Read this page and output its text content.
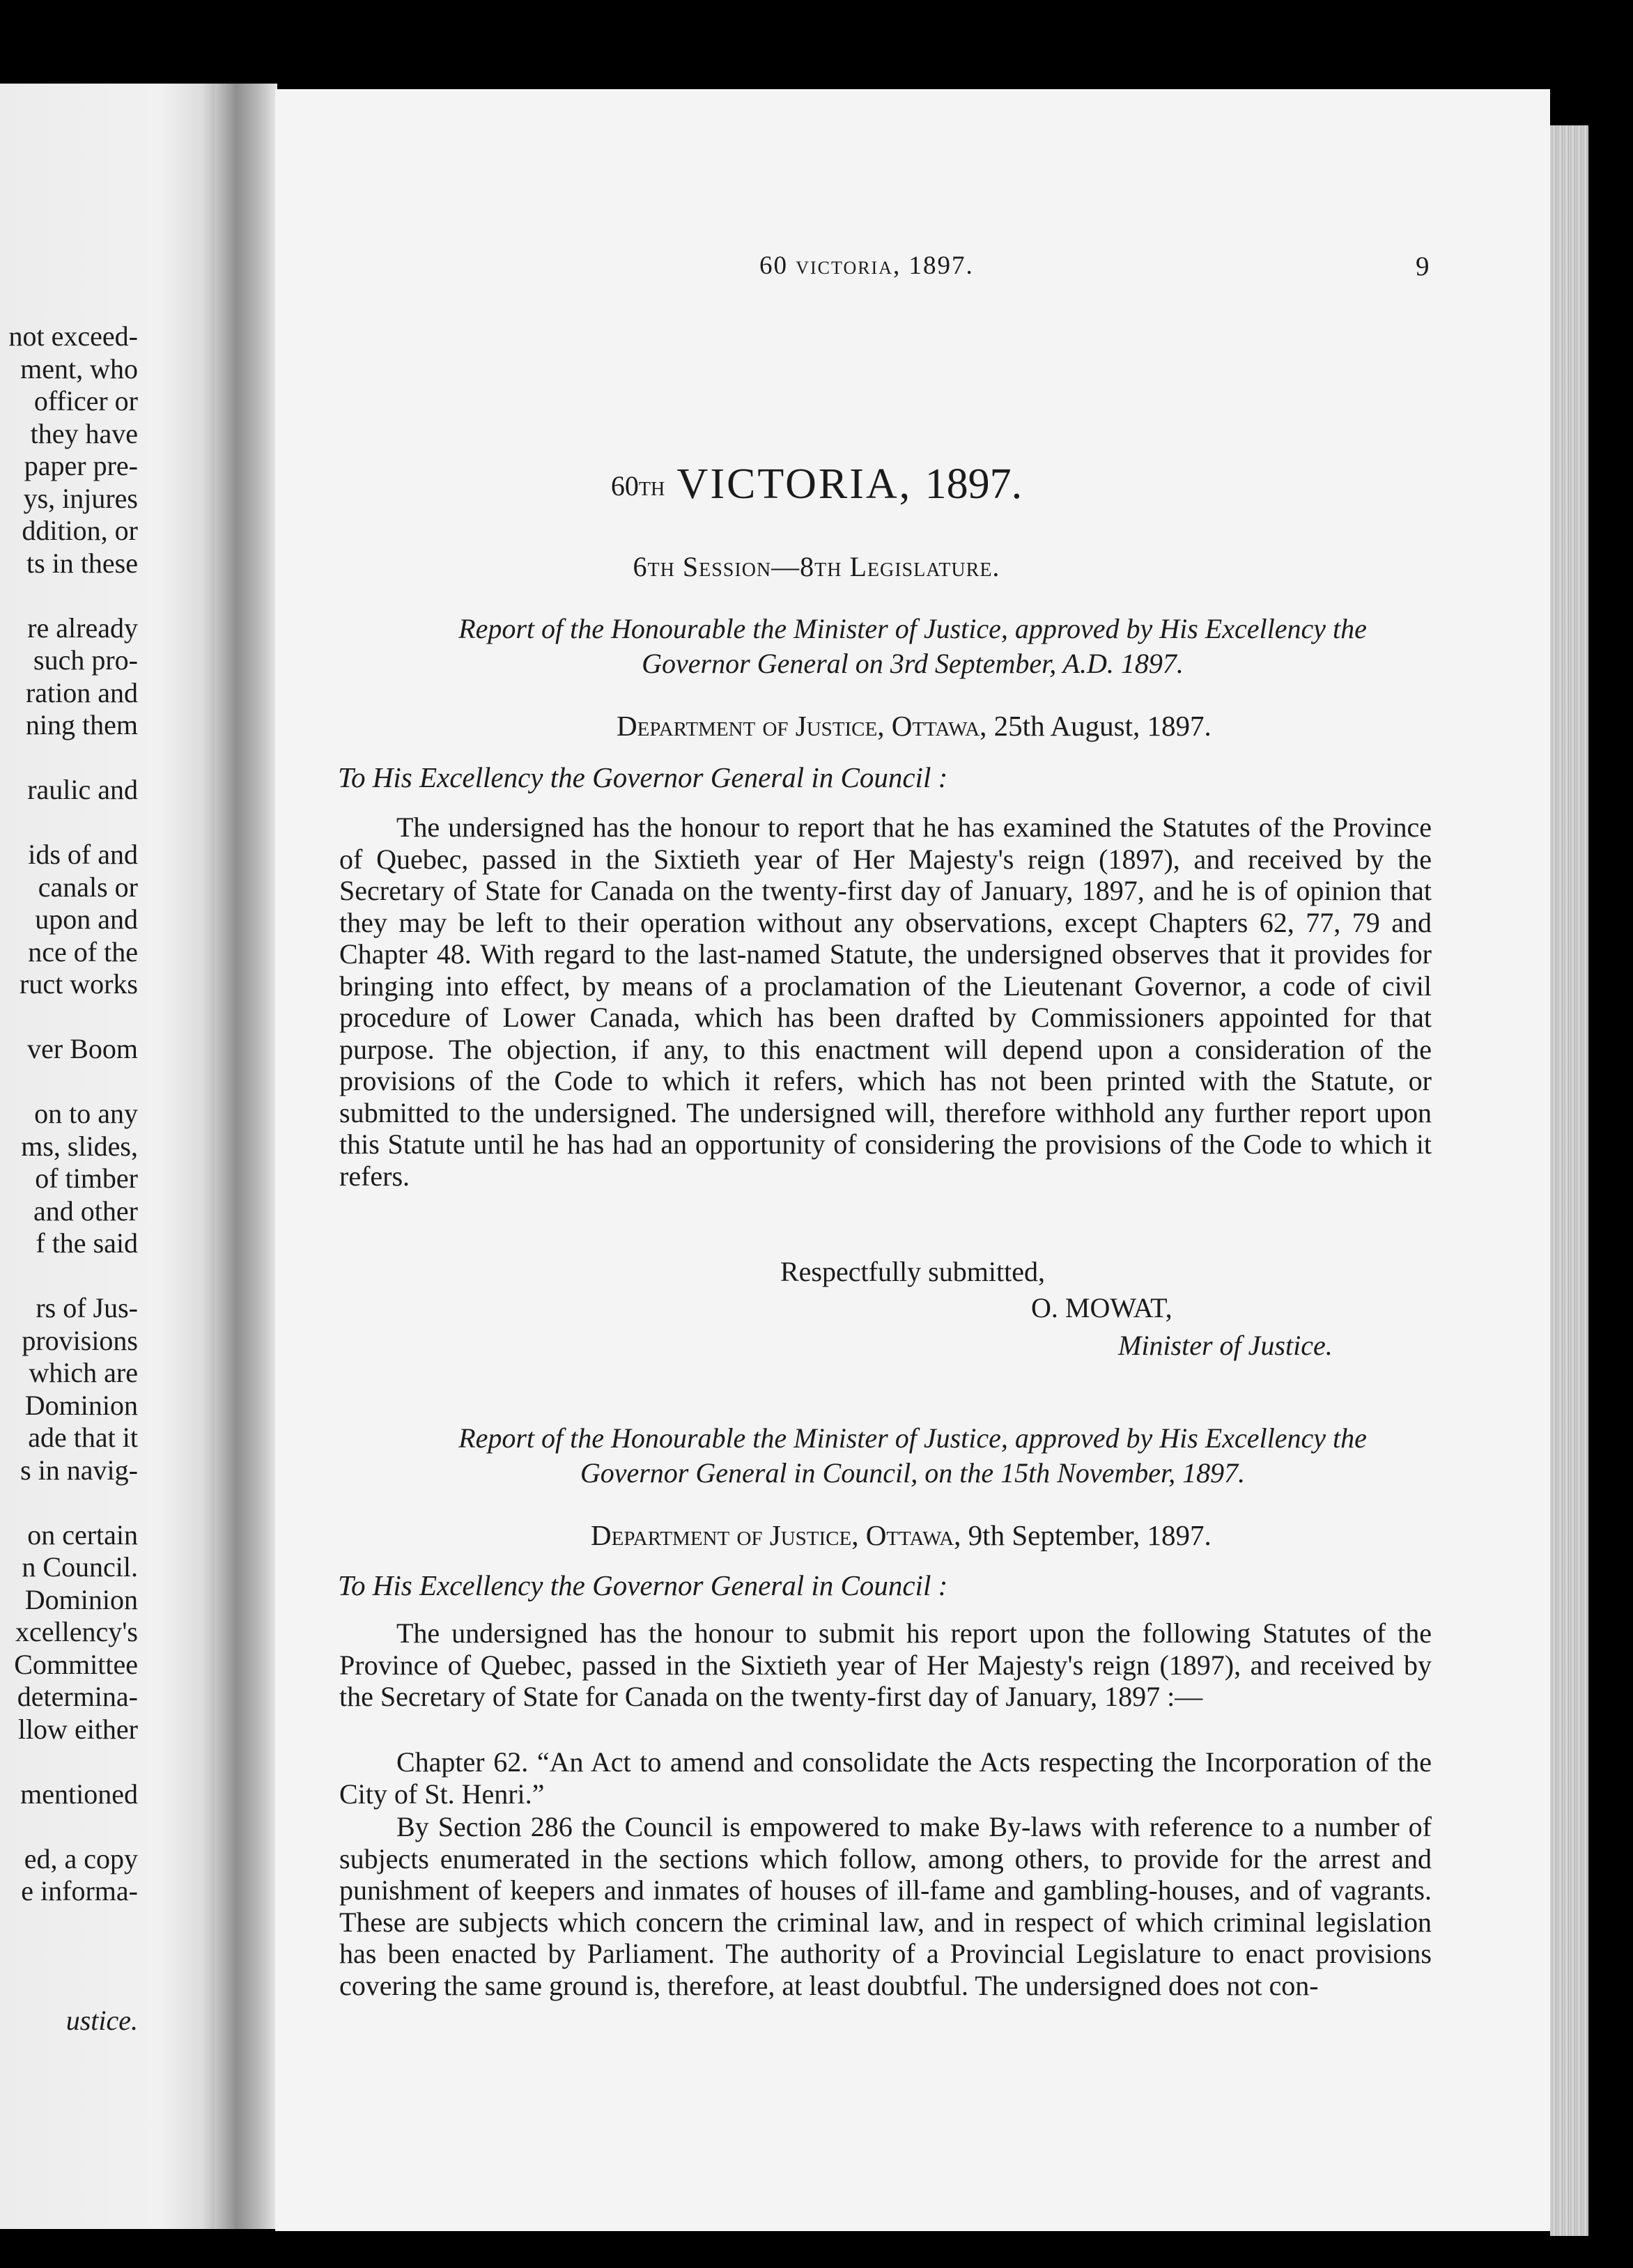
not exceed-
ment, who
officer or
they have
paper pre-
ys, injures
ddition, or
ts in these
re already
such pro-
ration and
ning them
raulic and
ids of and
canals or
upon and
nce of the
ruct works
ver Boom
on to any
ms, slides,
of timber
and other
f the said
rs of Jus-
provisions
which are
Dominion
ade that it
s in navig-
on certain
n Council.
Dominion
xcellency's
Committee
determina-
llow either
mentioned
ed, a copy
e informa-
ustice.
60 victoria, 1897.	9
60th VICTORIA, 1897.
6th Session—8th Legislature.
Report of the Honourable the Minister of Justice, approved by His Excellency the
Governor General on 3rd September, A.D. 1897.
Department of Justice, Ottawa, 25th August, 1897.
To His Excellency the Governor General in Council :

The undersigned has the honour to report that he has examined the Statutes of the Province of Quebec, passed in the Sixtieth year of Her Majesty's reign (1897), and received by the Secretary of State for Canada on the twenty-first day of January, 1897, and he is of opinion that they may be left to their operation without any observations, except Chapters 62, 77, 79 and Chapter 48. With regard to the last-named Statute, the undersigned observes that it provides for bringing into effect, by means of a proclamation of the Lieutenant Governor, a code of civil procedure of Lower Canada, which has been drafted by Commissioners appointed for that purpose. The objection, if any, to this enactment will depend upon a consideration of the provisions of the Code to which it refers, which has not been printed with the Statute, or submitted to the undersigned. The undersigned will, therefore withhold any further report upon this Statute until he has had an opportunity of considering the provisions of the Code to which it refers.

Respectfully submitted,
O. MOWAT,
Minister of Justice.
Report of the Honourable the Minister of Justice, approved by His Excellency the
Governor General in Council, on the 15th November, 1897.
Department of Justice, Ottawa, 9th September, 1897.
To His Excellency the Governor General in Council :

The undersigned has the honour to submit his report upon the following Statutes of the Province of Quebec, passed in the Sixtieth year of Her Majesty's reign (1897), and received by the Secretary of State for Canada on the twenty-first day of January, 1897 :—

Chapter 62. “An Act to amend and consolidate the Acts respecting the Incorporation of the City of St. Henri.”

By Section 286 the Council is empowered to make By-laws with reference to a number of subjects enumerated in the sections which follow, among others, to provide for the arrest and punishment of keepers and inmates of houses of ill-fame and gambling-houses, and of vagrants. These are subjects which concern the criminal law, and in respect of which criminal legislation has been enacted by Parliament. The authority of a Provincial Legislature to enact provisions covering the same ground is, therefore, at least doubtful. The undersigned does not con-
